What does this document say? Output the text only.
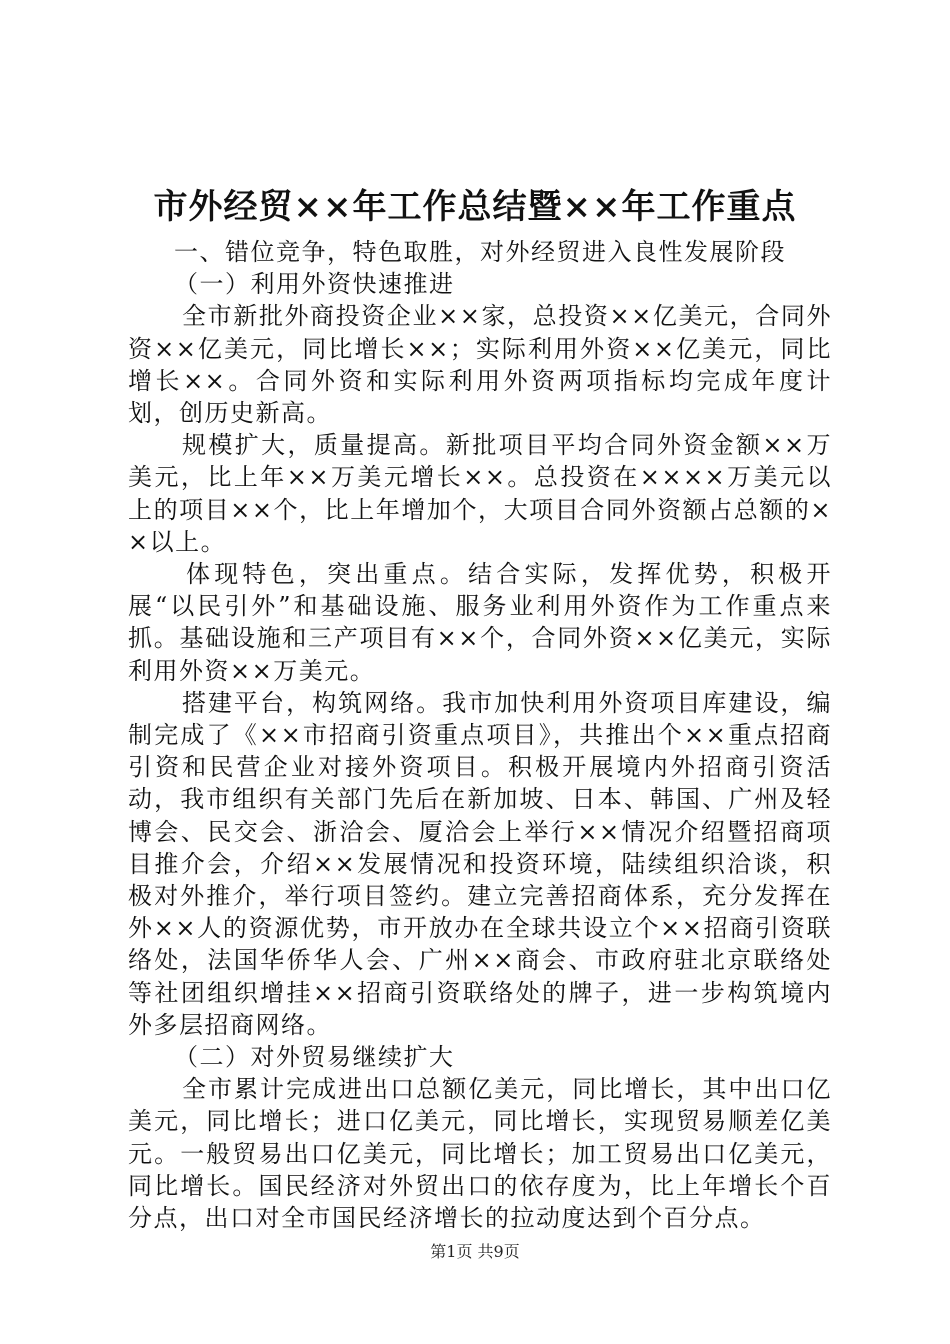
市外经贸××年工作总结暨××年工作重点

一、错位竞争，特色取胜，对外经贸进入良性发展阶段

（一）利用外资快速推进

全市新批外商投资企业××家，总投资××亿美元，合同外资××亿美元，同比增长××；实际利用外资××亿美元，同比增长××。合同外资和实际利用外资两项指标均完成年度计划，创历史新高。

规模扩大，质量提高。新批项目平均合同外资金额××万美元，比上年××万美元增长××。总投资在××××万美元以上的项目××个，比上年增加个，大项目合同外资额占总额的××以上。

体现特色，突出重点。结合实际，发挥优势，积极开展“以民引外”和基础设施、服务业利用外资作为工作重点来抓。基础设施和三产项目有××个，合同外资××亿美元，实际利用外资××万美元。

搭建平台，构筑网络。我市加快利用外资项目库建设，编制完成了《××市招商引资重点项目》，共推出个××重点招商引资和民营企业对接外资项目。积极开展境内外招商引资活动，我市组织有关部门先后在新加坡、日本、韩国、广州及轻博会、民交会、浙洽会、厦洽会上举行××情况介绍暨招商项目推介会，介绍××发展情况和投资环境，陆续组织洽谈，积极对外推介，举行项目签约。建立完善招商体系，充分发挥在外××人的资源优势，市开放办在全球共设立个××招商引资联络处，法国华侨华人会、广州××商会、市政府驻北京联络处等社团组织增挂××招商引资联络处的牌子，进一步构筑境内外多层招商网络。

（二）对外贸易继续扩大

全市累计完成进出口总额亿美元，同比增长，其中出口亿美元，同比增长；进口亿美元，同比增长，实现贸易顺差亿美元。一般贸易出口亿美元，同比增长；加工贸易出口亿美元，同比增长。国民经济对外贸出口的依存度为，比上年增长个百分点，出口对全市国民经济增长的拉动度达到个百分点。

第1页 共9页
